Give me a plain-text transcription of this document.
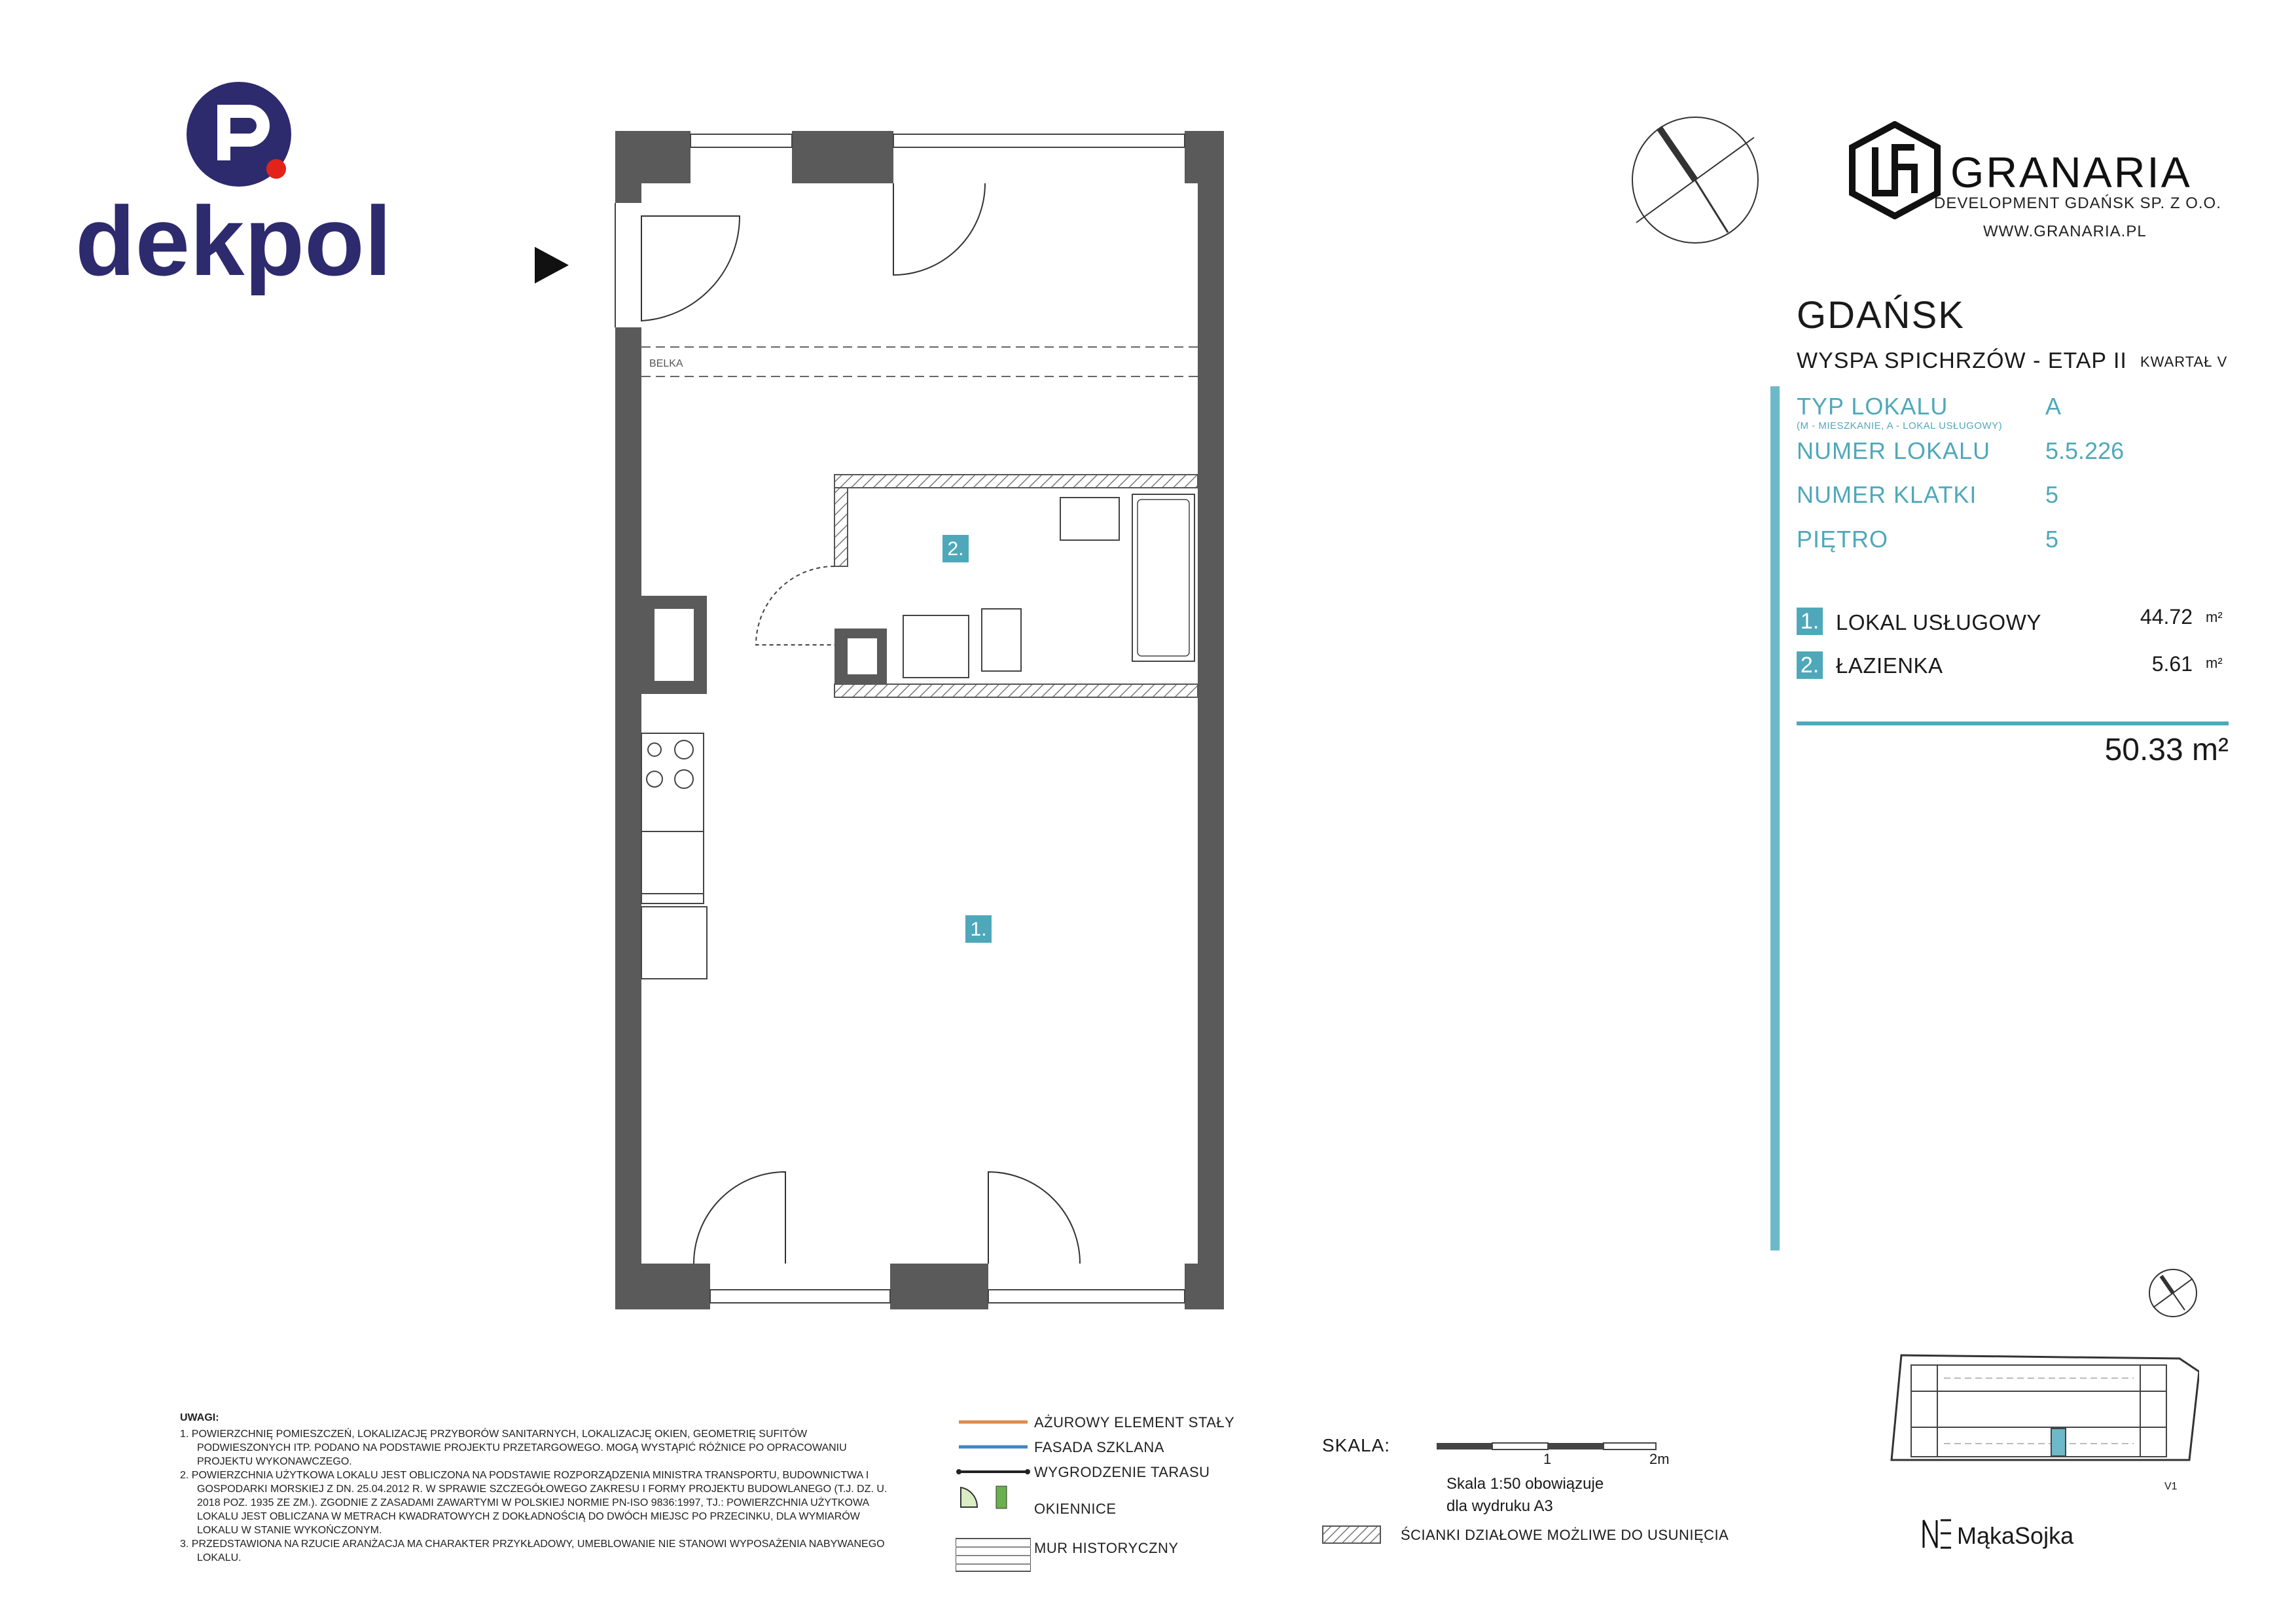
dekpol
BELKA
2.
1.
GRANARIA
DEVELOPMENT GDAŃSK SP. Z O.O.
WWW.GRANARIA.PL
GDAŃSK
WYSPA SPICHRZÓW - ETAP II KWARTAŁ V
TYP LOKALU	A
(M - MIESZKANIE, A - LOKAL USŁUGOWY)
NUMER LOKALU 5.5.226
NUMER KLATKI	5
PIĘTRO	5
1. LOKAL USŁUGOWY	44.72 m²
2. ŁAZIENKA	5.61 m²
50.33 m²
V1
UWAGI:
1. POWIERZCHNIĘ POMIESZCZEŃ, LOKALIZACJĘ PRZYBORÓW SANITARNYCH, LOKALIZACJĘ OKIEN, GEOMETRIĘ SUFITÓW PODWIESZONYCH ITP. PODANO NA PODSTAWIE PROJEKTU PRZETARGOWEGO. MOGĄ WYSTĄPIĆ RÓŻNICE PO OPRACOWANIU PROJEKTU WYKONAWCZEGO.
2. POWIERZCHNIA UŻYTKOWA LOKALU JEST OBLICZONA NA PODSTAWIE ROZPORZĄDZENIA MINISTRA TRANSPORTU, BUDOWNICTWA I GOSPODARKI MORSKIEJ Z DN. 25.04.2012 R. W SPRAWIE SZCZEGÓŁOWEGO ZAKRESU I FORMY PROJEKTU BUDOWLANEGO (T.J. DZ. U. 2018 POZ. 1935 ZE ZM.). ZGODNIE Z ZASADAMI ZAWARTYMI W POLSKIEJ NORMIE PN-ISO 9836:1997, TJ.: POWIERZCHNIA UŻYTKOWA LOKALU JEST OBLICZANA W METRACH KWADRATOWYCH Z DOKŁADNOŚCIĄ DO DWÓCH MIEJSC PO PRZECINKU, DLA WYMIARÓW LOKALU W STANIE WYKOŃCZONYM.
3. PRZEDSTAWIONA NA RZUCIE ARANŻACJA MA CHARAKTER PRZYKŁADOWY, UMEBLOWANIE NIE STANOWI WYPOSAŻENIA NABYWANEGO LOKALU.
AŻUROWY ELEMENT STAŁY
FASADA SZKLANA
WYGRODZENIE TARASU
OKIENNICE
MUR HISTORYCZNY
SKALA:
1	2m
Skala 1:50 obowiązuje
dla wydruku A3
ŚCIANKI DZIAŁOWE MOŻLIWE DO USUNIĘCIA	MąkaSojka
